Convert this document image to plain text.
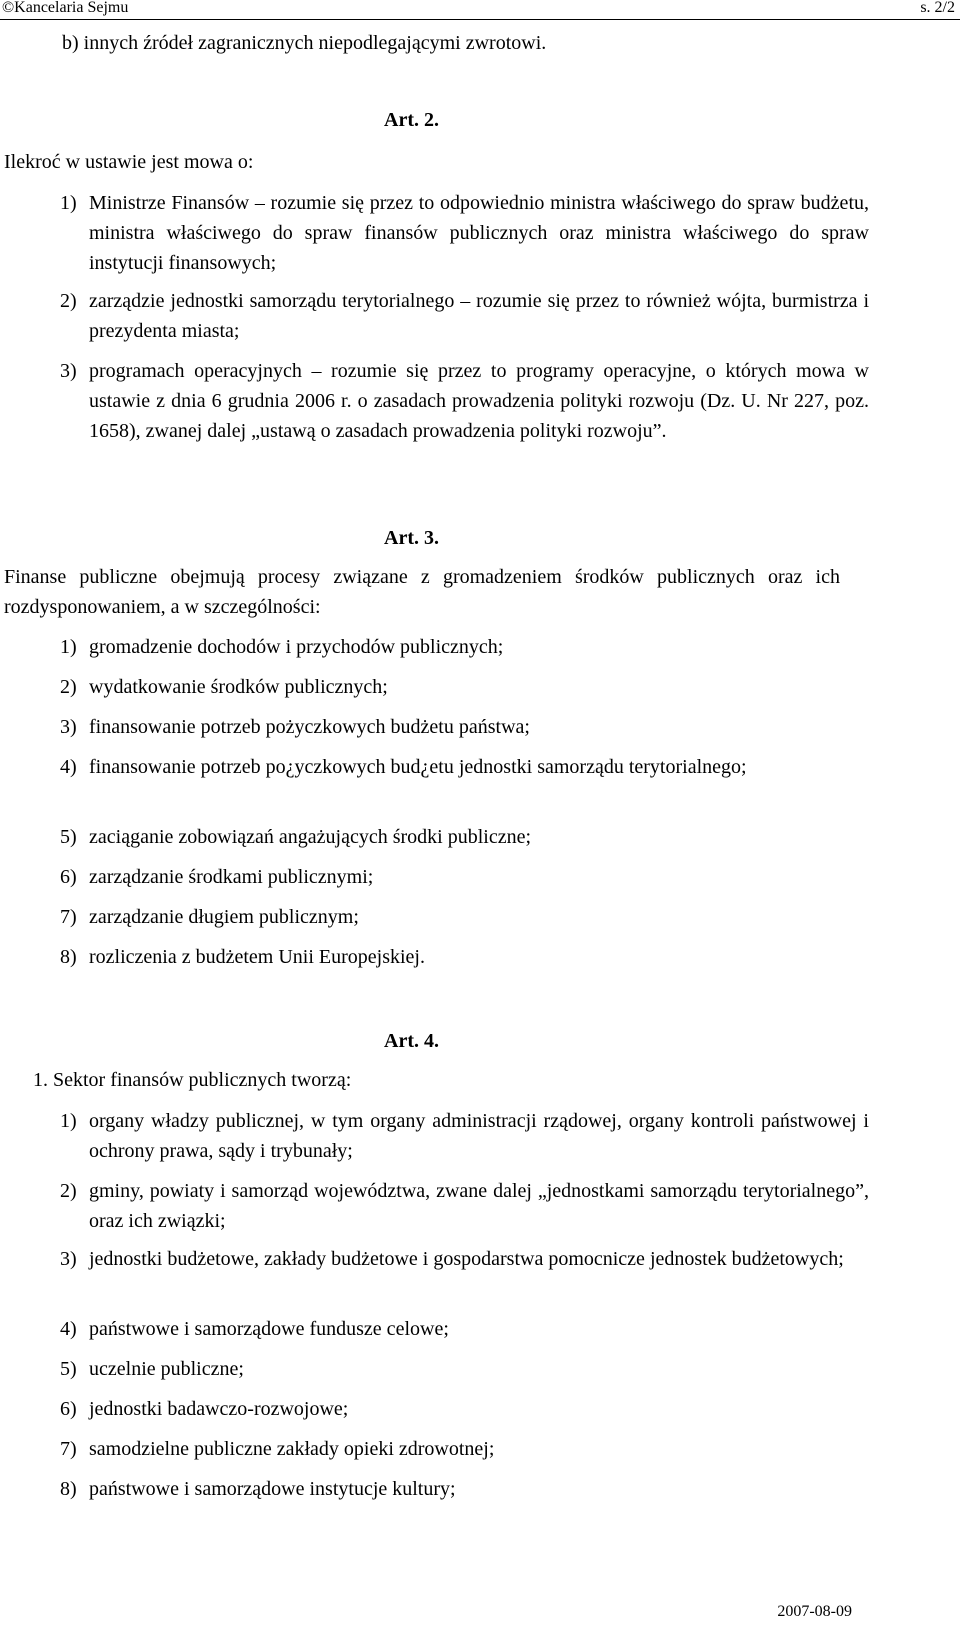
©Kancelaria Sejmu	s. 2/2
b) innych źródeł zagranicznych niepodlegającymi zwrotowi.
Art. 2.
Ilekroć w ustawie jest mowa o:
1) Ministrze Finansów – rozumie się przez to odpowiednio ministra właściwego do spraw budżetu, ministra właściwego do spraw finansów publicznych oraz ministra właściwego do spraw instytucji finansowych;
2) zarządzie jednostki samorządu terytorialnego – rozumie się przez to również wójta, burmistrza i prezydenta miasta;
3) programach operacyjnych – rozumie się przez to programy operacyjne, o których mowa w ustawie z dnia 6 grudnia 2006 r. o zasadach prowadzenia polityki rozwoju (Dz. U. Nr 227, poz. 1658), zwanej dalej „ustawą o zasadach prowadzenia polityki rozwoju”.
Art. 3.
Finanse publiczne obejmują procesy związane z gromadzeniem środków publicznych oraz ich rozdysponowaniem, a w szczególności:
1) gromadzenie dochodów i przychodów publicznych;
2) wydatkowanie środków publicznych;
3) finansowanie potrzeb pożyczkowych budżetu państwa;
4) finansowanie potrzeb po¿yczkowych bud¿etu jednostki samorządu terytorialnego;
5) zaciąganie zobowiązań angażujących środki publiczne;
6) zarządzanie środkami publicznymi;
7) zarządzanie długiem publicznym;
8) rozliczenia z budżetem Unii Europejskiej.
Art. 4.
1. Sektor finansów publicznych tworzą:
1) organy władzy publicznej, w tym organy administracji rządowej, organy kontroli państwowej i ochrony prawa, sądy i trybunały;
2) gminy, powiaty i samorząd województwa, zwane dalej „jednostkami samorządu terytorialnego”, oraz ich związki;
3) jednostki budżetowe, zakłady budżetowe i gospodarstwa pomocnicze jednostek budżetowych;
4) państwowe i samorządowe fundusze celowe;
5) uczelnie publiczne;
6) jednostki badawczo-rozwojowe;
7) samodzielne publiczne zakłady opieki zdrowotnej;
8) państwowe i samorządowe instytucje kultury;
2007-08-09
